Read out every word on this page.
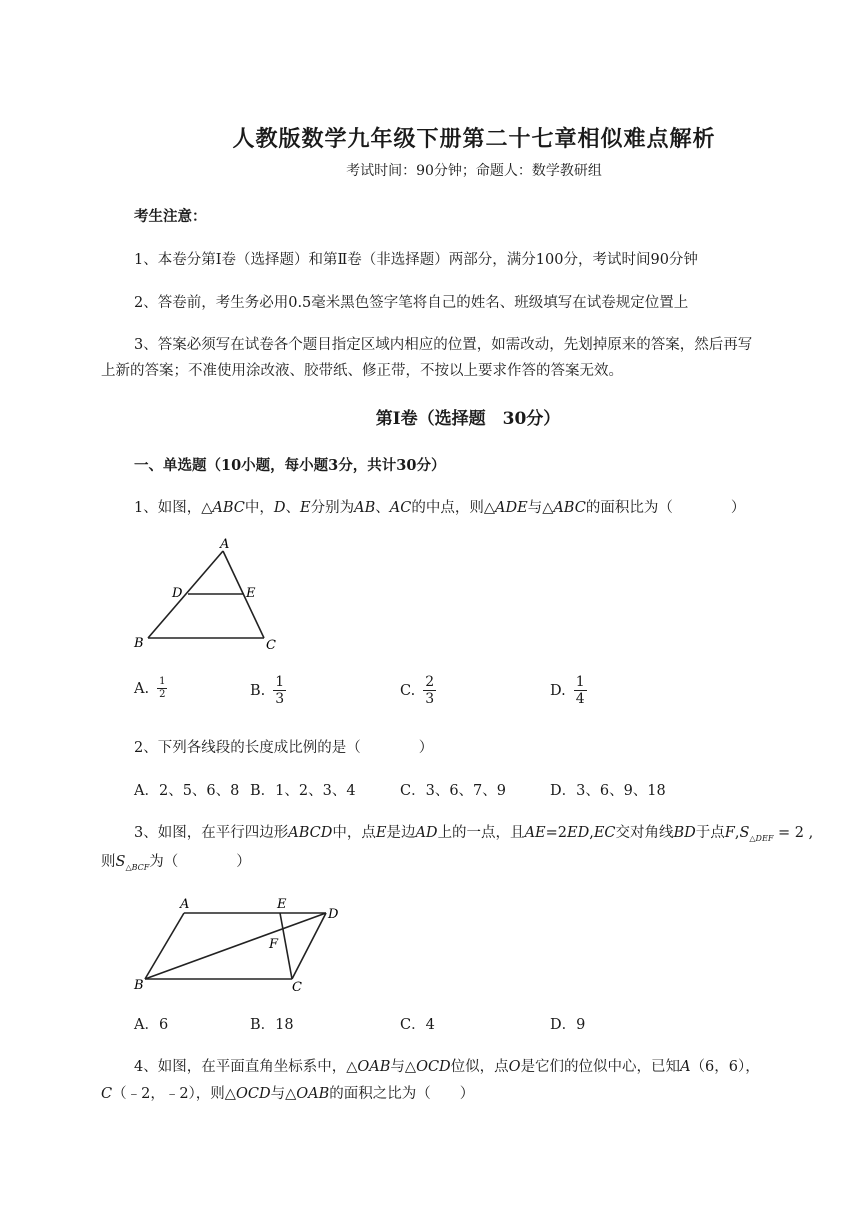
人教版数学九年级下册第二十七章相似难点解析
考试时间：90分钟；命题人：数学教研组
考生注意：
1、本卷分第Ⅰ卷（选择题）和第Ⅱ卷（非选择题）两部分，满分100分，考试时间90分钟
2、答卷前，考生务必用0.5毫米黑色签字笔将自己的姓名、班级填写在试卷规定位置上
3、答案必须写在试卷各个题目指定区域内相应的位置，如需改动，先划掉原来的答案，然后再写
上新的答案；不准使用涂改液、胶带纸、修正带，不按以上要求作答的答案无效。
第Ⅰ卷（选择题　30分）
一、单选题（10小题，每小题3分，共计30分）
1、如图，△ABC中，D、E分别为AB、AC的中点，则△ADE与△ABC的面积比为（　　　　）
A
D	E
B	C
A. $\frac{1}{2}$	B. $\frac{1}{3}$	C. $\frac{2}{3}$	D. $\frac{1}{4}$
2、下列各线段的长度成比例的是（　　　　）
A．2、5、6、8 B．1、2、3、4	C．3、6、7、9	D．3、6、9、18
3、如图，在平行四边形ABCD中，点E是边AD上的一点，且AE=2ED,EC交对角线BD于点$F,S_{\triangle DEF} = 2$ ,
则$S_{\triangle BCF}$为（　　　　）
A	E
D
F
B	C
A．6	B．18	C．4	D．9
4、如图，在平面直角坐标系中，△OAB与△OCD位似，点O是它们的位似中心，已知A（6，6），
C（﹣2，﹣2），则△OCD与△OAB的面积之比为（　　）
